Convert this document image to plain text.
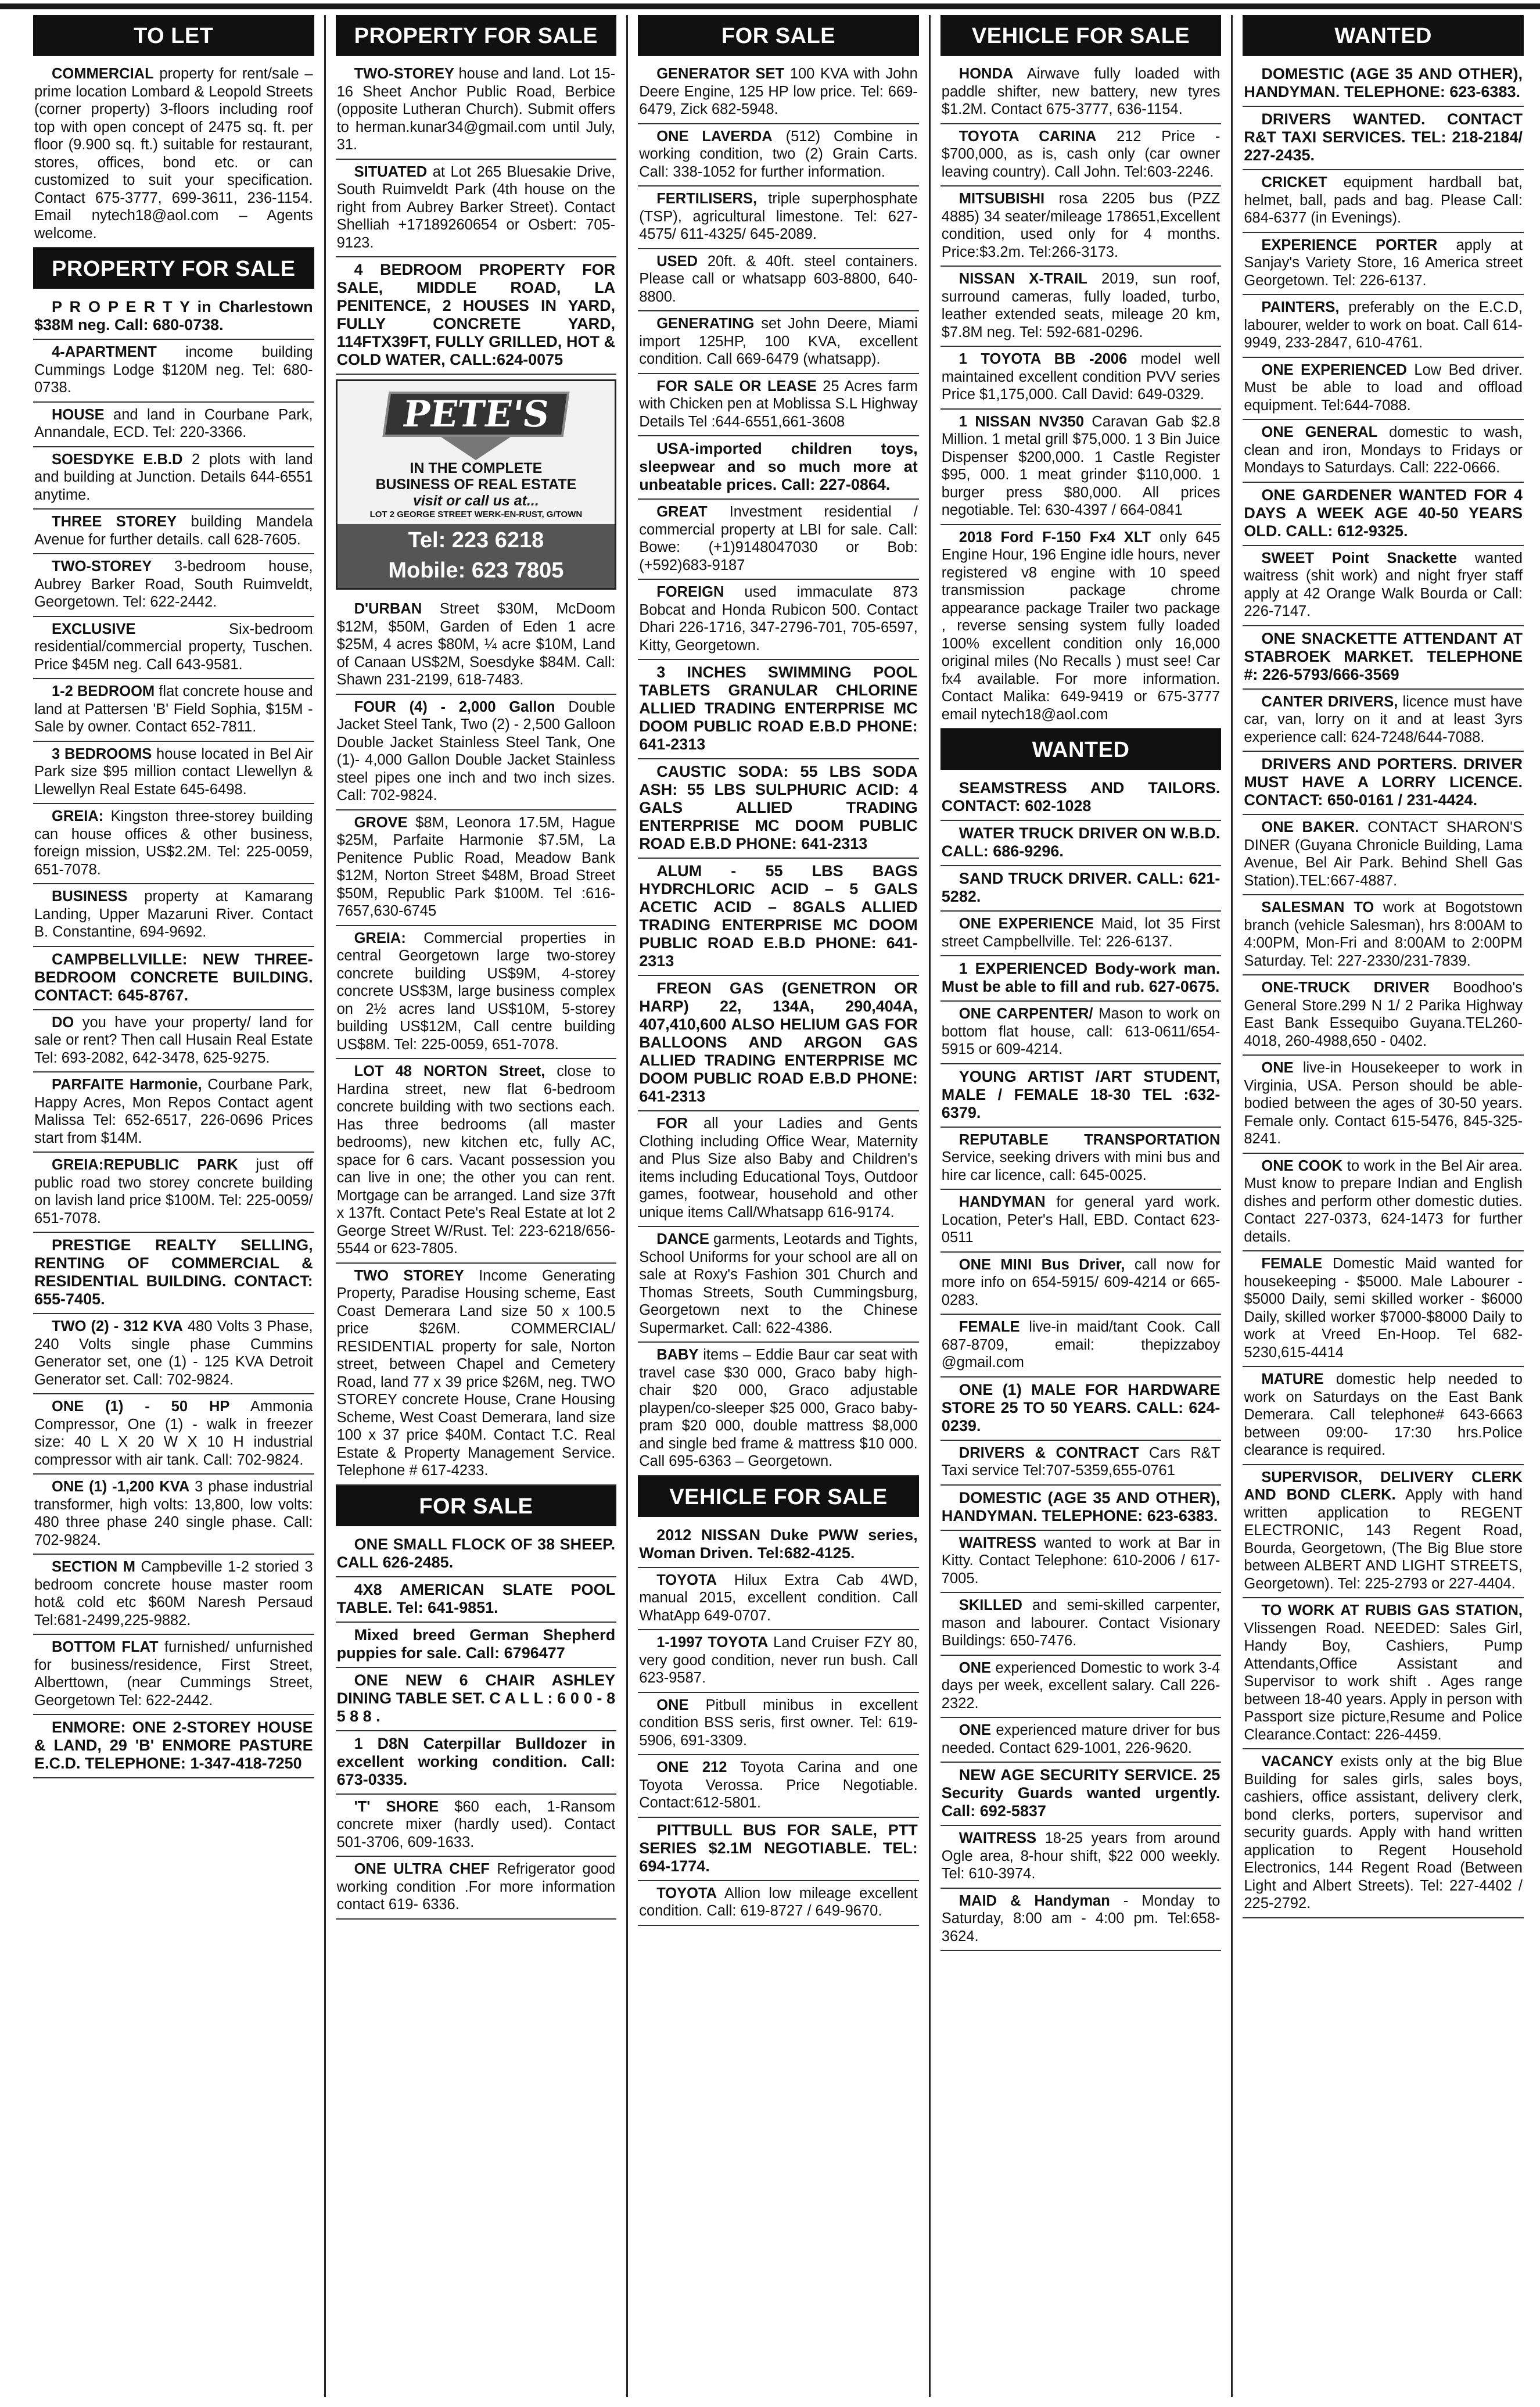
TO LET

COMMERCIAL property for rent/sale – prime location Lombard & Leopold Streets (corner property) 3-floors including roof top with open concept of 2475 sq. ft. per floor (9.900 sq. ft.) suitable for restaurant, stores, offices, bond etc. or can customized to suit your specification. Contact 675-3777, 699-3611, 236-1154. Email nytech18@aol.com – Agents welcome.

PROPERTY FOR SALE

P R O P E R T Y in Charlestown $38M neg. Call: 680-0738.

4-APARTMENT income building Cummings Lodge $120M neg. Tel: 680-0738.

HOUSE and land in Courbane Park, Annandale, ECD. Tel: 220-3366.

SOESDYKE E.B.D 2 plots with land and building at Junction. Details 644-6551 anytime.

THREE STOREY building Mandela Avenue for further details. call 628-7605.

TWO-STOREY 3-bedroom house, Aubrey Barker Road, South Ruimveldt, Georgetown. Tel: 622-2442.

EXCLUSIVE Six-bedroom residential/commercial property, Tuschen. Price $45M neg. Call 643-9581.

1-2 BEDROOM flat concrete house and land at Pattersen 'B' Field Sophia, $15M - Sale by owner. Contact 652-7811.

3 BEDROOMS house located in Bel Air Park size $95 million contact Llewellyn & Llewellyn Real Estate 645-6498.

GREIA: Kingston three-storey building can house offices & other business, foreign mission, US$2.2M. Tel: 225-0059, 651-7078.

BUSINESS property at Kamarang Landing, Upper Mazaruni River. Contact B. Constantine, 694-9692.

CAMPBELLVILLE: NEW THREE-BEDROOM CONCRETE BUILDING. CONTACT: 645-8767.

DO you have your property/ land for sale or rent? Then call Husain Real Estate Tel: 693-2082, 642-3478, 625-9275.

PARFAITE Harmonie, Courbane Park, Happy Acres, Mon Repos Contact agent Malissa Tel: 652-6517, 226-0696 Prices start from $14M.

GREIA:REPUBLIC PARK just off public road two storey concrete building on lavish land price $100M. Tel: 225-0059/ 651-7078.

PRESTIGE REALTY SELLING, RENTING OF COMMERCIAL & RESIDENTIAL BUILDING. CONTACT: 655-7405.

TWO (2) - 312 KVA 480 Volts 3 Phase, 240 Volts single phase Cummins Generator set, one (1) - 125 KVA Detroit Generator set. Call: 702-9824.

ONE (1) - 50 HP Ammonia Compressor, One (1) - walk in freezer size: 40 L X 20 W X 10 H industrial compressor with air tank. Call: 702-9824.

ONE (1) -1,200 KVA 3 phase industrial transformer, high volts: 13,800, low volts: 480 three phase 240 single phase. Call: 702-9824.

SECTION M Campbeville 1-2 storied 3 bedroom concrete house master room hot& cold etc $60M Naresh Persaud Tel:681-2499,225-9882.

BOTTOM FLAT furnished/ unfurnished for business/residence, First Street, Alberttown, (near Cummings Street, Georgetown Tel: 622-2442.

ENMORE: ONE 2-STOREY HOUSE & LAND, 29 'B' ENMORE PASTURE E.C.D. TELEPHONE: 1-347-418-7250

PROPERTY FOR SALE

TWO-STOREY house and land. Lot 15-16 Sheet Anchor Public Road, Berbice (opposite Lutheran Church). Submit offers to herman.kunar34@gmail.com until July, 31.

SITUATED at Lot 265 Bluesakie Drive, South Ruimveldt Park (4th house on the right from Aubrey Barker Street). Contact Shelliah +17189260654 or Osbert: 705-9123.

4 BEDROOM PROPERTY FOR SALE, MIDDLE ROAD, LA PENITENCE, 2 HOUSES IN YARD, FULLY CONCRETE YARD, 114FTX39FT, FULLY GRILLED, HOT & COLD WATER, CALL:624-0075

PETE'S
IN THE COMPLETE
BUSINESS OF REAL ESTATE
visit or call us at...
LOT 2 GEORGE STREET WERK-EN-RUST, G/TOWN
Tel: 223 6218
Mobile: 623 7805

D'URBAN Street $30M, McDoom $12M, $50M, Garden of Eden 1 acre $25M, 4 acres $80M, ¼ acre $10M, Land of Canaan US$2M, Soesdyke $84M. Call: Shawn 231-2199, 618-7483.

FOUR (4) - 2,000 Gallon Double Jacket Steel Tank, Two (2) - 2,500 Galloon Double Jacket Stainless Steel Tank, One (1)- 4,000 Gallon Double Jacket Stainless steel pipes one inch and two inch sizes. Call: 702-9824.

GROVE $8M, Leonora 17.5M, Hague $25M, Parfaite Harmonie $7.5M, La Penitence Public Road, Meadow Bank $12M, Norton Street $48M, Broad Street $50M, Republic Park $100M. Tel :616-7657,630-6745

GREIA: Commercial properties in central Georgetown large two-storey concrete building US$9M, 4-storey concrete US$3M, large business complex on 2½ acres land US$10M, 5-storey building US$12M, Call centre building US$8M. Tel: 225-0059, 651-7078.

LOT 48 NORTON Street, close to Hardina street, new flat 6-bedroom concrete building with two sections each. Has three bedrooms (all master bedrooms), new kitchen etc, fully AC, space for 6 cars. Vacant possession you can live in one; the other you can rent. Mortgage can be arranged. Land size 37ft x 137ft. Contact Pete's Real Estate at lot 2 George Street W/Rust. Tel: 223-6218/656-5544 or 623-7805.

TWO STOREY Income Generating Property, Paradise Housing scheme, East Coast Demerara Land size 50 x 100.5 price $26M. COMMERCIAL/ RESIDENTIAL property for sale, Norton street, between Chapel and Cemetery Road, land 77 x 39 price $26M, neg. TWO STOREY concrete House, Crane Housing Scheme, West Coast Demerara, land size 100 x 37 price $40M. Contact T.C. Real Estate & Property Management Service. Telephone # 617-4233.

FOR SALE

ONE SMALL FLOCK OF 38 SHEEP. CALL 626-2485.

4X8 AMERICAN SLATE POOL TABLE. Tel: 641-9851.

Mixed breed German Shepherd puppies for sale. Call: 6796477

ONE NEW 6 CHAIR ASHLEY DINING TABLE SET. C A L L : 6 0 0 - 8 5 8 8 .

1 D8N Caterpillar Bulldozer in excellent working condition. Call: 673-0335.

'T' SHORE $60 each, 1-Ransom concrete mixer (hardly used). Contact 501-3706, 609-1633.

ONE ULTRA CHEF Refrigerator good working condition .For more information contact 619- 6336.

FOR SALE

GENERATOR SET 100 KVA with John Deere Engine, 125 HP low price. Tel: 669-6479, Zick 682-5948.

ONE LAVERDA (512) Combine in working condition, two (2) Grain Carts. Call: 338-1052 for further information.

FERTILISERS, triple superphosphate (TSP), agricultural limestone. Tel: 627-4575/ 611-4325/ 645-2089.

USED 20ft. & 40ft. steel containers. Please call or whatsapp 603-8800, 640-8800.

GENERATING set John Deere, Miami import 125HP, 100 KVA, excellent condition. Call 669-6479 (whatsapp).

FOR SALE OR LEASE 25 Acres farm with Chicken pen at Moblissa S.L Highway Details Tel :644-6551,661-3608

USA-imported children toys, sleepwear and so much more at unbeatable prices. Call: 227-0864.

GREAT Investment residential / commercial property at LBI for sale. Call: Bowe: (+1)9148047030 or Bob: (+592)683-9187

FOREIGN used immaculate 873 Bobcat and Honda Rubicon 500. Contact Dhari 226-1716, 347-2796-701, 705-6597, Kitty, Georgetown.

3 INCHES SWIMMING POOL TABLETS GRANULAR CHLORINE ALLIED TRADING ENTERPRISE MC DOOM PUBLIC ROAD E.B.D PHONE: 641-2313

CAUSTIC SODA: 55 LBS SODA ASH: 55 LBS SULPHURIC ACID: 4 GALS ALLIED TRADING ENTERPRISE MC DOOM PUBLIC ROAD E.B.D PHONE: 641-2313

ALUM - 55 LBS BAGS HYDRCHLORIC ACID – 5 GALS ACETIC ACID – 8GALS ALLIED TRADING ENTERPRISE MC DOOM PUBLIC ROAD E.B.D PHONE: 641-2313

FREON GAS (GENETRON OR HARP) 22, 134A, 290,404A, 407,410,600 ALSO HELIUM GAS FOR BALLOONS AND ARGON GAS ALLIED TRADING ENTERPRISE MC DOOM PUBLIC ROAD E.B.D PHONE: 641-2313

FOR all your Ladies and Gents Clothing including Office Wear, Maternity and Plus Size also Baby and Children's items including Educational Toys, Outdoor games, footwear, household and other unique items Call/Whatsapp 616-9174.

DANCE garments, Leotards and Tights, School Uniforms for your school are all on sale at Roxy's Fashion 301 Church and Thomas Streets, South Cummingsburg, Georgetown next to the Chinese Supermarket. Call: 622-4386.

BABY items – Eddie Baur car seat with travel case $30 000, Graco baby high-chair $20 000, Graco adjustable playpen/co-sleeper $25 000, Graco baby-pram $20 000, double mattress $8,000 and single bed frame & mattress $10 000. Call 695-6363 – Georgetown.

VEHICLE FOR SALE

2012 NISSAN Duke PWW series, Woman Driven. Tel:682-4125.

TOYOTA Hilux Extra Cab 4WD, manual 2015, excellent condition. Call WhatApp 649-0707.

1-1997 TOYOTA Land Cruiser FZY 80, very good condition, never run bush. Call 623-9587.

ONE Pitbull minibus in excellent condition BSS seris, first owner. Tel: 619-5906, 691-3309.

ONE 212 Toyota Carina and one Toyota Verossa. Price Negotiable. Contact:612-5801.

PITTBULL BUS FOR SALE, PTT SERIES $2.1M NEGOTIABLE. TEL: 694-1774.

TOYOTA Allion low mileage excellent condition. Call: 619-8727 / 649-9670.

VEHICLE FOR SALE

HONDA Airwave fully loaded with paddle shifter, new battery, new tyres $1.2M. Contact 675-3777, 636-1154.

TOYOTA CARINA 212 Price - $700,000, as is, cash only (car owner leaving country). Call John. Tel:603-2246.

MITSUBISHI rosa 2205 bus (PZZ 4885) 34 seater/mileage 178651,Excellent condition, used only for 4 months. Price:$3.2m. Tel:266-3173.

NISSAN X-TRAIL 2019, sun roof, surround cameras, fully loaded, turbo, leather extended seats, mileage 20 km, $7.8M neg. Tel: 592-681-0296.

1 TOYOTA BB -2006 model well maintained excellent condition PVV series Price $1,175,000. Call David: 649-0329.

1 NISSAN NV350 Caravan Gab $2.8 Million. 1 metal grill $75,000. 1 3 Bin Juice Dispenser $200,000. 1 Castle Register $95, 000. 1 meat grinder $110,000. 1 burger press $80,000. All prices negotiable. Tel: 630-4397 / 664-0841

2018 Ford F-150 Fx4 XLT only 645 Engine Hour, 196 Engine idle hours, never registered v8 engine with 10 speed transmission package chrome appearance package Trailer two package , reverse sensing system fully loaded 100% excellent condition only 16,000 original miles (No Recalls ) must see! Car fx4 available. For more information. Contact Malika: 649-9419 or 675-3777 email nytech18@aol.com

WANTED

SEAMSTRESS AND TAILORS. CONTACT: 602-1028

WATER TRUCK DRIVER ON W.B.D. CALL: 686-9296.

SAND TRUCK DRIVER. CALL: 621-5282.

ONE EXPERIENCE Maid, lot 35 First street Campbellville. Tel: 226-6137.

1 EXPERIENCED Body-work man. Must be able to fill and rub. 627-0675.

ONE CARPENTER/ Mason to work on bottom flat house, call: 613-0611/654-5915 or 609-4214.

YOUNG ARTIST /ART STUDENT, MALE / FEMALE 18-30 TEL :632-6379.

REPUTABLE TRANSPORTATION Service, seeking drivers with mini bus and hire car licence, call: 645-0025.

HANDYMAN for general yard work. Location, Peter's Hall, EBD. Contact 623-0511

ONE MINI Bus Driver, call now for more info on 654-5915/ 609-4214 or 665-0283.

FEMALE live-in maid/tant Cook. Call 687-8709, email: thepizzaboy @gmail.com

ONE (1) MALE FOR HARDWARE STORE 25 TO 50 YEARS. CALL: 624-0239.

DRIVERS & CONTRACT Cars R&T Taxi service Tel:707-5359,655-0761

DOMESTIC (AGE 35 AND OTHER), HANDYMAN. TELEPHONE: 623-6383.

WAITRESS wanted to work at Bar in Kitty. Contact Telephone: 610-2006 / 617-7005.

SKILLED and semi-skilled carpenter, mason and labourer. Contact Visionary Buildings: 650-7476.

ONE experienced Domestic to work 3-4 days per week, excellent salary. Call 226-2322.

ONE experienced mature driver for bus needed. Contact 629-1001, 226-9620.

NEW AGE SECURITY SERVICE. 25 Security Guards wanted urgently. Call: 692-5837

WAITRESS 18-25 years from around Ogle area, 8-hour shift, $22 000 weekly. Tel: 610-3974.

MAID & Handyman - Monday to Saturday, 8:00 am - 4:00 pm. Tel:658-3624.

WANTED

DOMESTIC (AGE 35 AND OTHER), HANDYMAN. TELEPHONE: 623-6383.

DRIVERS WANTED. CONTACT R&T TAXI SERVICES. TEL: 218-2184/ 227-2435.

CRICKET equipment hardball bat, helmet, ball, pads and bag. Please Call: 684-6377 (in Evenings).

EXPERIENCE PORTER apply at Sanjay's Variety Store, 16 America street Georgetown. Tel: 226-6137.

PAINTERS, preferably on the E.C.D, labourer, welder to work on boat. Call 614-9949, 233-2847, 610-4761.

ONE EXPERIENCED Low Bed driver. Must be able to load and offload equipment. Tel:644-7088.

ONE GENERAL domestic to wash, clean and iron, Mondays to Fridays or Mondays to Saturdays. Call: 222-0666.

ONE GARDENER WANTED FOR 4 DAYS A WEEK AGE 40-50 YEARS OLD. CALL: 612-9325.

SWEET Point Snackette wanted waitress (shit work) and night fryer staff apply at 42 Orange Walk Bourda or Call: 226-7147.

ONE SNACKETTE ATTENDANT AT STABROEK MARKET. TELEPHONE #: 226-5793/666-3569

CANTER DRIVERS, licence must have car, van, lorry on it and at least 3yrs experience call: 624-7248/644-7088.

DRIVERS AND PORTERS. DRIVER MUST HAVE A LORRY LICENCE. CONTACT: 650-0161 / 231-4424.

ONE BAKER. CONTACT SHARON'S DINER (Guyana Chronicle Building, Lama Avenue, Bel Air Park. Behind Shell Gas Station).TEL:667-4887.

SALESMAN TO work at Bogotstown branch (vehicle Salesman), hrs 8:00AM to 4:00PM, Mon-Fri and 8:00AM to 2:00PM Saturday. Tel: 227-2330/231-7839.

ONE-TRUCK DRIVER Boodhoo's General Store.299 N 1/ 2 Parika Highway East Bank Essequibo Guyana.TEL260-4018, 260-4988,650 - 0402.

ONE live-in Housekeeper to work in Virginia, USA. Person should be able-bodied between the ages of 30-50 years. Female only. Contact 615-5476, 845-325-8241.

ONE COOK to work in the Bel Air area. Must know to prepare Indian and English dishes and perform other domestic duties. Contact 227-0373, 624-1473 for further details.

FEMALE Domestic Maid wanted for housekeeping - $5000. Male Labourer - $5000 Daily, semi skilled worker - $6000 Daily, skilled worker $7000-$8000 Daily to work at Vreed En-Hoop. Tel 682-5230,615-4414

MATURE domestic help needed to work on Saturdays on the East Bank Demerara. Call telephone# 643-6663 between 09:00- 17:30 hrs.Police clearance is required.

SUPERVISOR, DELIVERY CLERK AND BOND CLERK. Apply with hand written application to REGENT ELECTRONIC, 143 Regent Road, Bourda, Georgetown, (The Big Blue store between ALBERT AND LIGHT STREETS, Georgetown). Tel: 225-2793 or 227-4404.

TO WORK AT RUBIS GAS STATION, Vlissengen Road. NEEDED: Sales Girl, Handy Boy, Cashiers, Pump Attendants,Office Assistant and Supervisor to work shift . Ages range between 18-40 years. Apply in person with Passport size picture,Resume and Police Clearance.Contact: 226-4459.

VACANCY exists only at the big Blue Building for sales girls, sales boys, cashiers, office assistant, delivery clerk, bond clerks, porters, supervisor and security guards. Apply with hand written application to Regent Household Electronics, 144 Regent Road (Between Light and Albert Streets). Tel: 227-4402 / 225-2792.
